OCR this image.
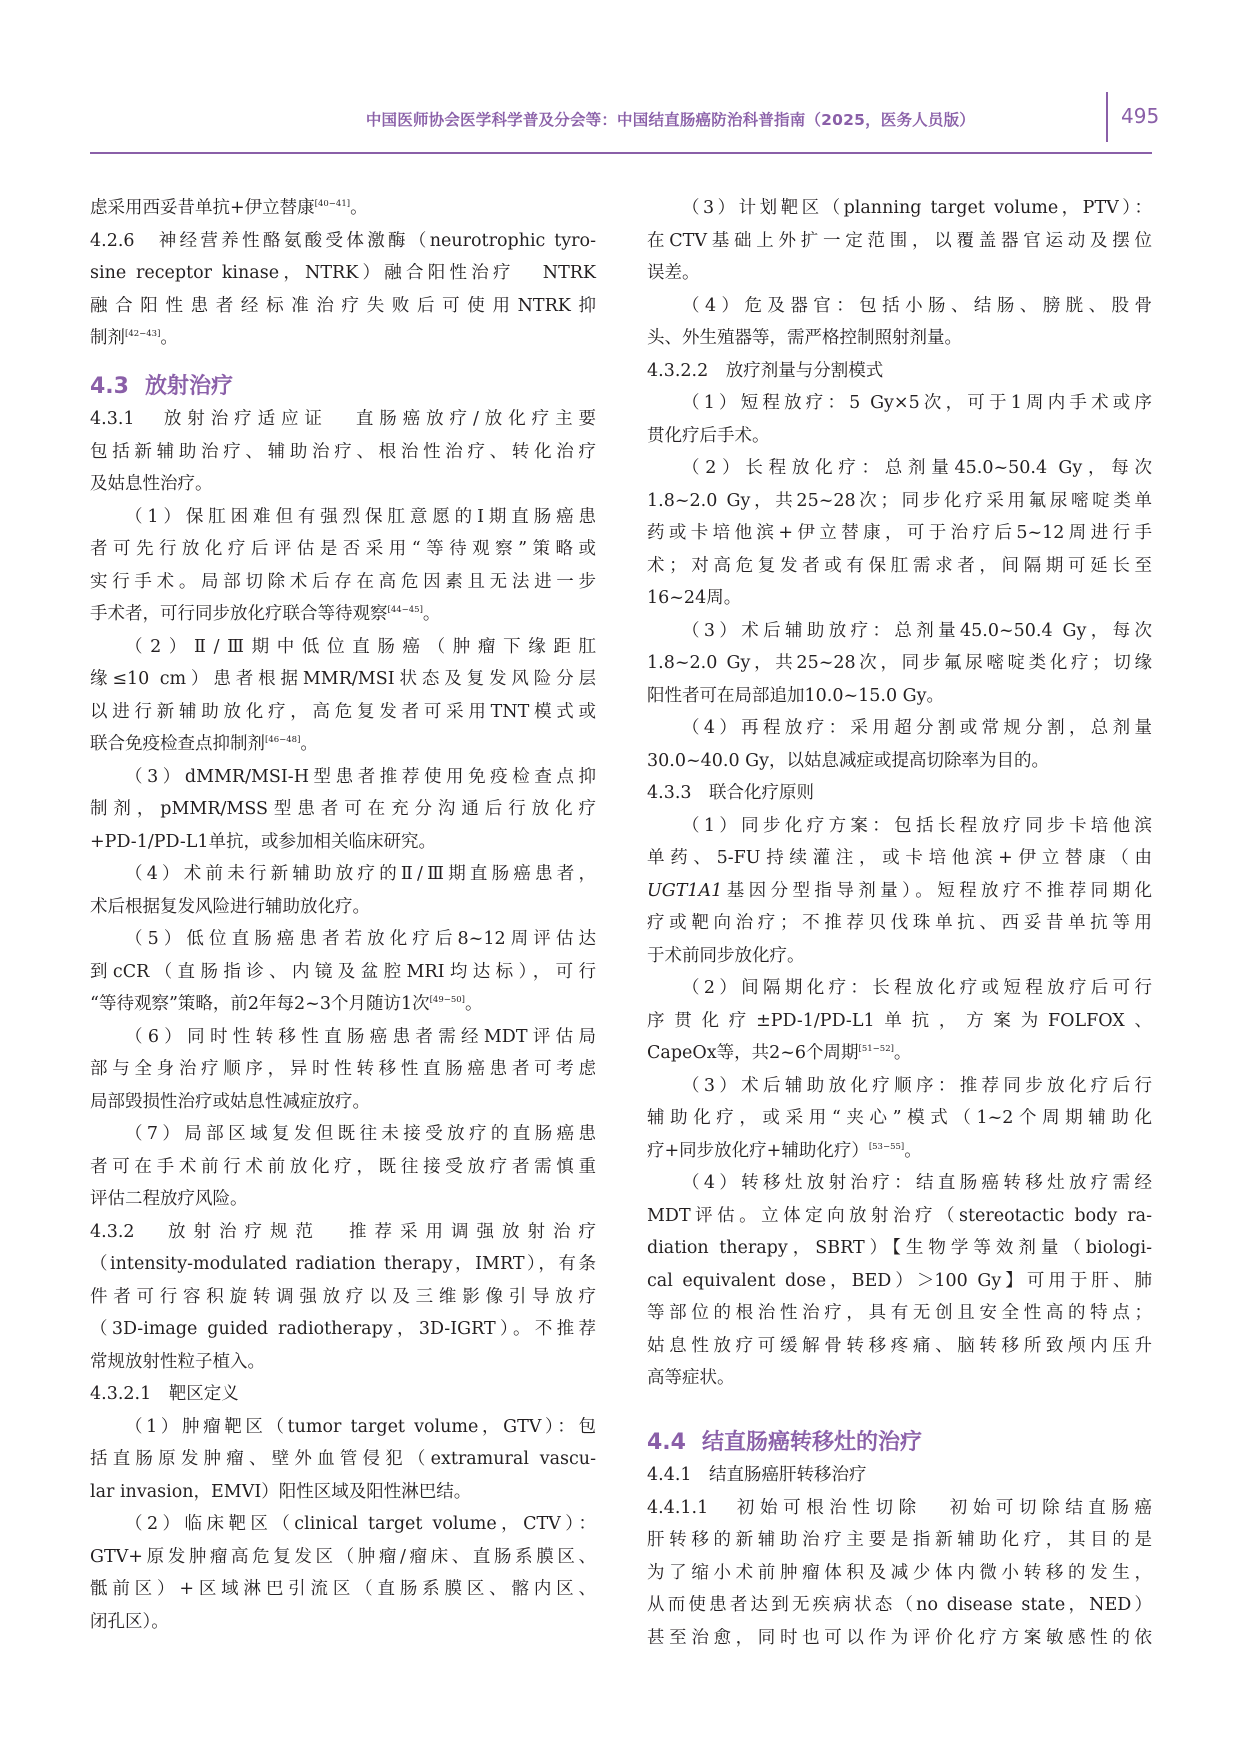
中国医师协会医学科学普及分会等：中国结直肠癌防治科普指南（2025，医务人员版）	495

虑采用西妥昔单抗+伊立替康[40−41]。

4.2.6　 神经营养性酪氨酸受体激酶（neurotrophic tyro-
sine receptor kinase，NTRK）融合阳性治疗 NTRK
融合阳性患者经标准治疗失败后可使用NTRK抑
制剂[42−43]。

4.3 放射治疗

4.3.1　放射治疗适应证 直肠癌放疗/放化疗主要
包括新辅助治疗、辅助治疗、根治性治疗、转化治疗
及姑息性治疗。

（1）保肛困难但有强烈保肛意愿的Ⅰ期直肠癌患
者可先行放化疗后评估是否采用“等待观察”策略或
实行手术。局部切除术后存在高危因素且无法进一步
手术者，可行同步放化疗联合等待观察[44−45]。

（2）Ⅱ/Ⅲ期中低位直肠癌（肿瘤下缘距肛
缘≤10 cm）患者根据MMR/MSI状态及复发风险分层
以进行新辅助放化疗，高危复发者可采用TNT模式或
联合免疫检查点抑制剂[46−48]。

（3）dMMR/MSI-H型患者推荐使用免疫检查点抑
制剂，pMMR/MSS型患者可在充分沟通后行放化疗
+PD-1/PD-L1单抗，或参加相关临床研究。

（4）术前未行新辅助放疗的Ⅱ/Ⅲ期直肠癌患者，
术后根据复发风险进行辅助放化疗。

（5）低位直肠癌患者若放化疗后8~12周评估达
到cCR（直肠指诊、内镜及盆腔MRI均达标），可行
“等待观察”策略，前2年每2~3个月随访1次[49−50]。

（6）同时性转移性直肠癌患者需经MDT评估局
部与全身治疗顺序，异时性转移性直肠癌患者可考虑
局部毁损性治疗或姑息性减症放疗。

（7）局部区域复发但既往未接受放疗的直肠癌患
者可在手术前行术前放化疗，既往接受放疗者需慎重
评估二程放疗风险。

4.3.2　放射治疗规范 推荐采用调强放射治疗
（intensity-modulated radiation therapy，IMRT），有条
件者可行容积旋转调强放疗以及三维影像引导放疗
（3D-image guided radiotherapy，3D-IGRT）。不推荐
常规放射性粒子植入。

4.3.2.1　靶区定义

（1）肿瘤靶区（tumor target volume，GTV）：包
括直肠原发肿瘤、壁外血管侵犯（extramural vascu-
lar invasion，EMVI）阳性区域及阳性淋巴结。

（2）临床靶区（clinical target volume，CTV）：
GTV+原发肿瘤高危复发区（肿瘤/瘤床、直肠系膜区、
骶前区）+区域淋巴引流区（直肠系膜区、髂内区、
闭孔区）。

（3）计划靶区（planning target volume，PTV）：
在CTV基础上外扩一定范围，以覆盖器官运动及摆位
误差。

（4）危及器官：包括小肠、结肠、膀胱、股骨
头、外生殖器等，需严格控制照射剂量。

4.3.2.2　放疗剂量与分割模式

（1）短程放疗：5 Gy×5次，可于1周内手术或序
贯化疗后手术。

（2）长程放化疗：总剂量45.0~50.4 Gy，每次
1.8~2.0 Gy，共25~28次；同步化疗采用氟尿嘧啶类单
药或卡培他滨+伊立替康，可于治疗后5~12周进行手
术；对高危复发者或有保肛需求者，间隔期可延长至
16~24周。

（3）术后辅助放疗：总剂量45.0~50.4 Gy，每次
1.8~2.0 Gy，共25~28次，同步氟尿嘧啶类化疗；切缘
阳性者可在局部追加10.0~15.0 Gy。

（4）再程放疗：采用超分割或常规分割，总剂量
30.0~40.0 Gy，以姑息减症或提高切除率为目的。

4.3.3　联合化疗原则

（1）同步化疗方案：包括长程放疗同步卡培他滨
单药、5-FU持续灌注，或卡培他滨+伊立替康（由
UGT1A1基因分型指导剂量）。短程放疗不推荐同期化
疗或靶向治疗；不推荐贝伐珠单抗、西妥昔单抗等用
于术前同步放化疗。

（2）间隔期化疗：长程放化疗或短程放疗后可行
序贯化疗±PD-1/PD-L1单抗，方案为FOLFOX、
CapeOx等，共2~6个周期[51−52]。

（3）术后辅助放化疗顺序：推荐同步放化疗后行
辅助化疗，或采用“夹心”模式（1~2个周期辅助化
疗+同步放化疗+辅助化疗）[53−55]。

（4）转移灶放射治疗：结直肠癌转移灶放疗需经
MDT评估。立体定向放射治疗（stereotactic body ra-
diation therapy，SBRT）【生物学等效剂量（biologi-
cal equivalent dose，BED）＞100 Gy】可用于肝、肺
等部位的根治性治疗，具有无创且安全性高的特点；
姑息性放疗可缓解骨转移疼痛、脑转移所致颅内压升
高等症状。

4.4 结直肠癌转移灶的治疗

4.4.1　结直肠癌肝转移治疗

4.4.1.1　初始可根治性切除 初始可切除结直肠癌
肝转移的新辅助治疗主要是指新辅助化疗，其目的是
为了缩小术前肿瘤体积及减少体内微小转移的发生，
从而使患者达到无疾病状态（no disease state，NED）
甚至治愈，同时也可以作为评价化疗方案敏感性的依
